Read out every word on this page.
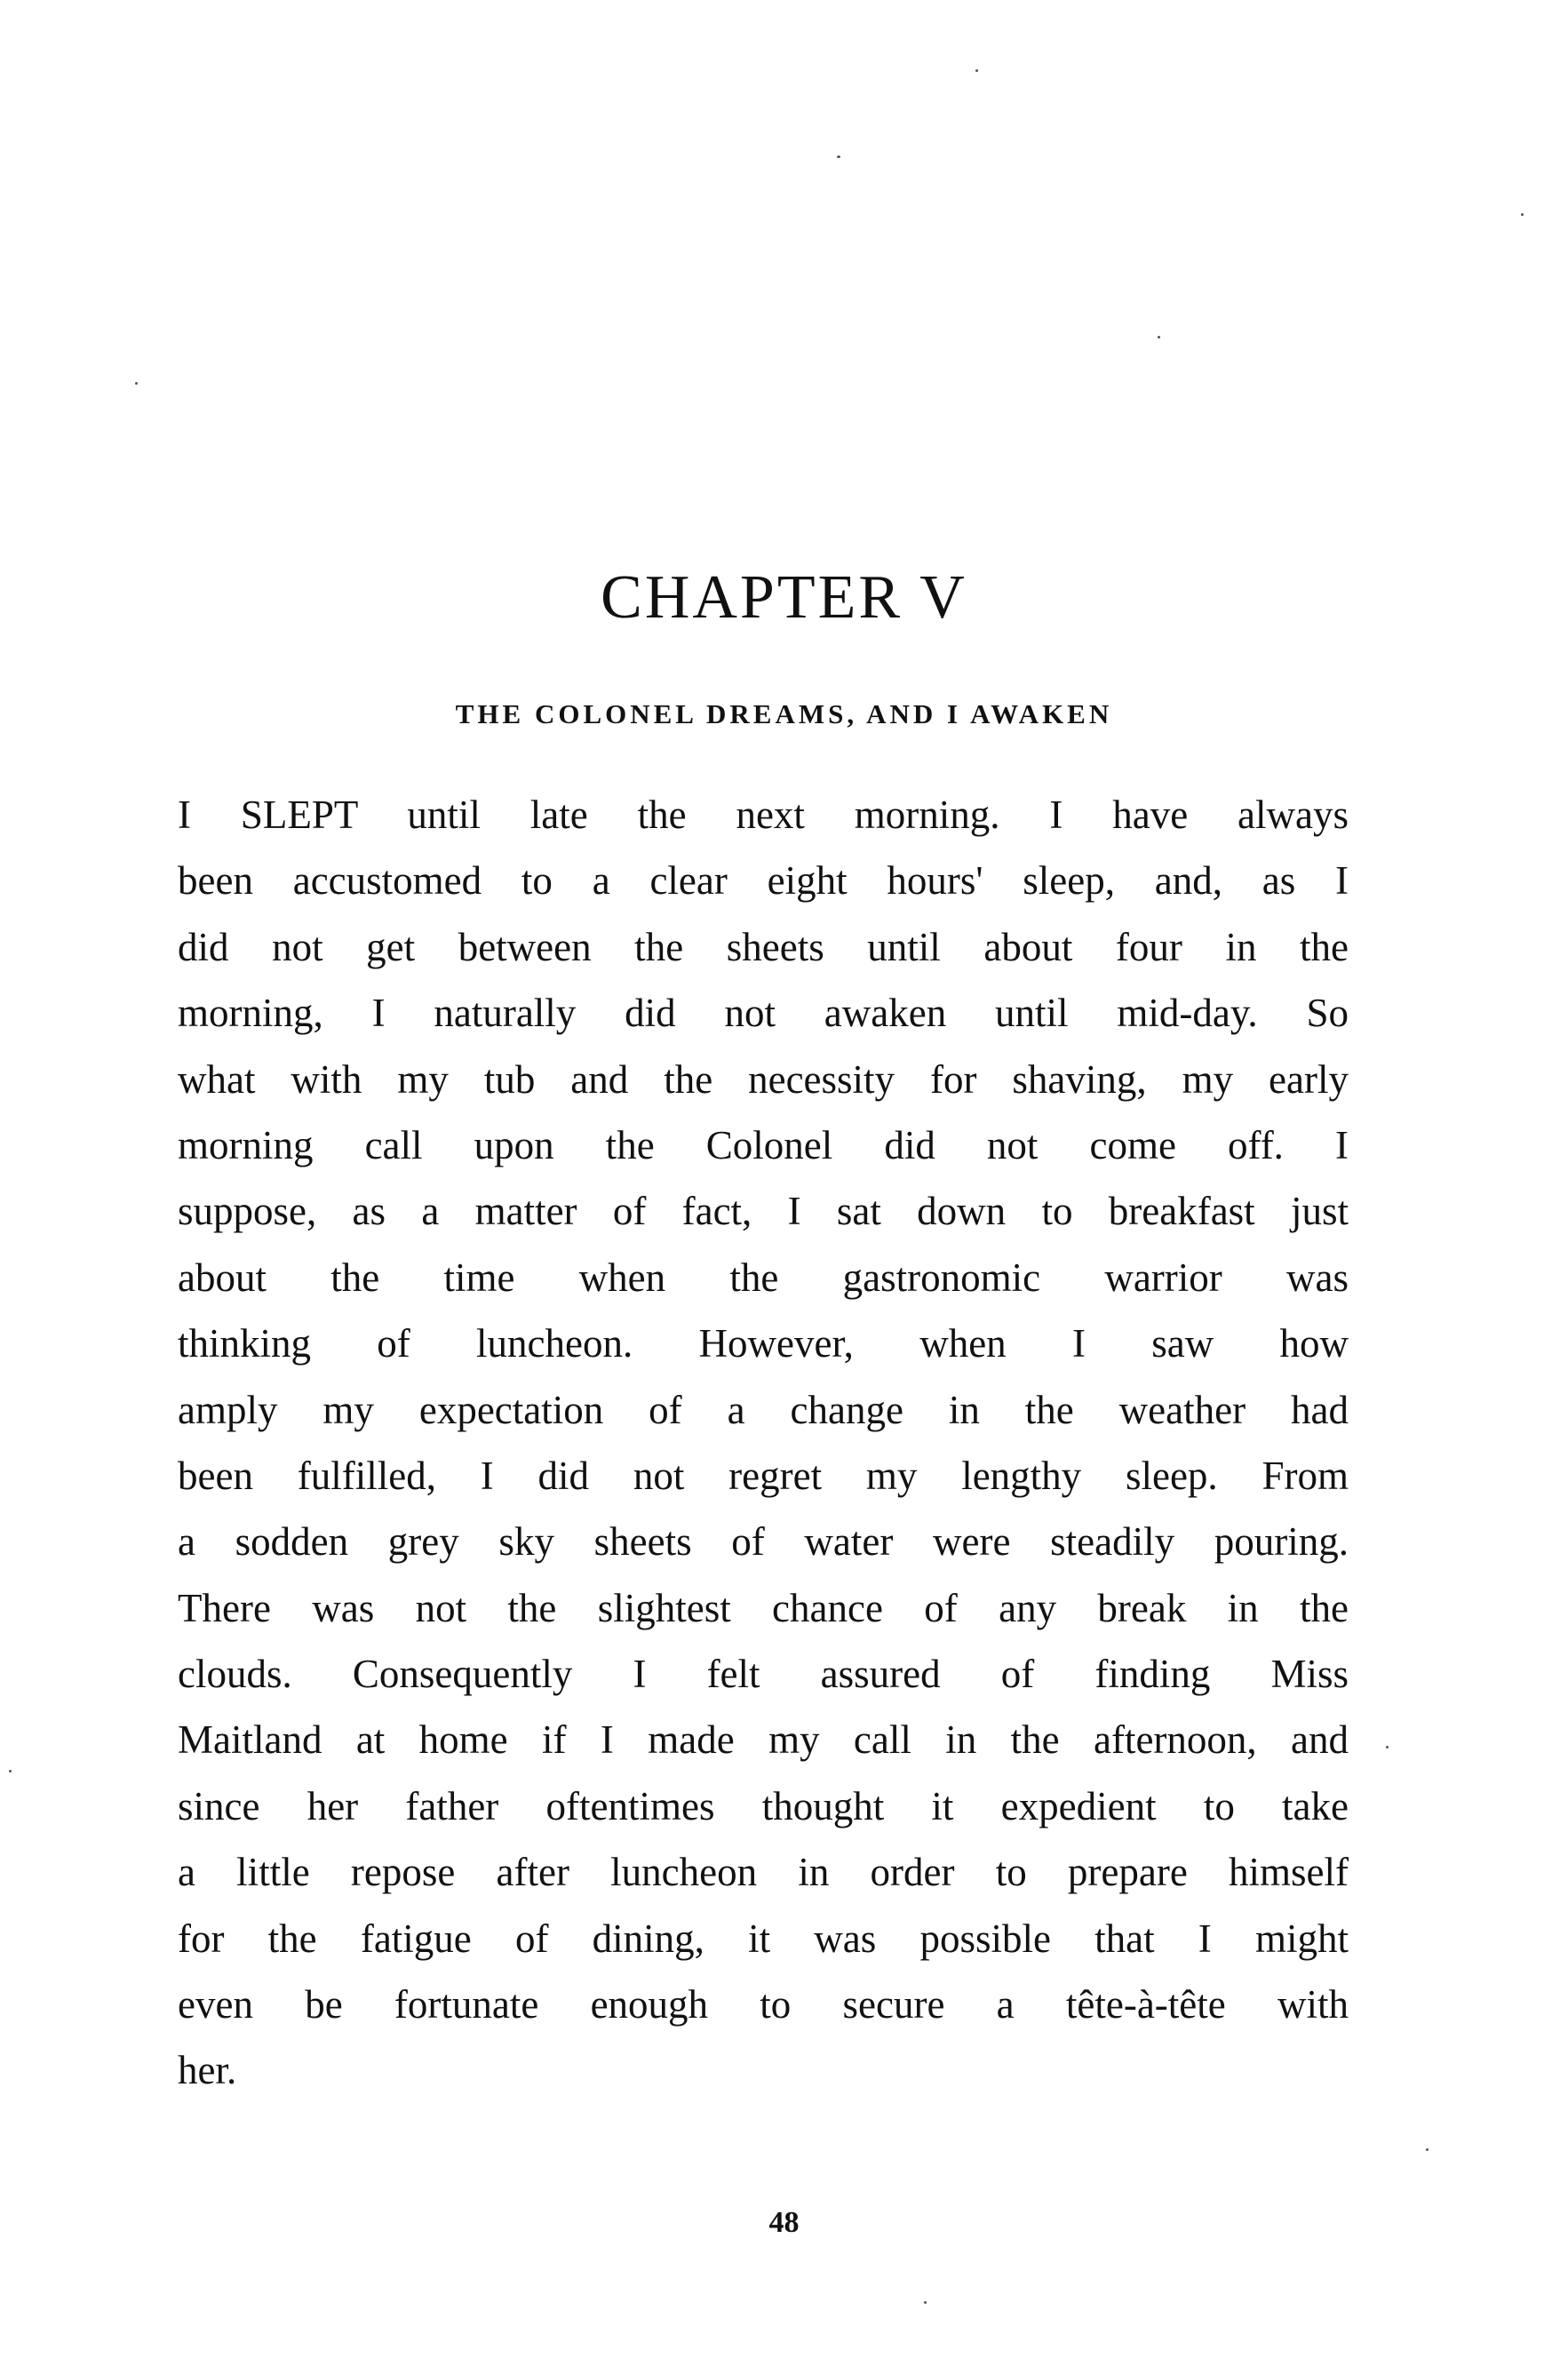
CHAPTER V
THE COLONEL DREAMS, AND I AWAKEN
I SLEPT until late the next morning. I have always
been accustomed to a clear eight hours' sleep, and, as I
did not get between the sheets until about four in the
morning, I naturally did not awaken until mid-day. So
what with my tub and the necessity for shaving, my early
morning call upon the Colonel did not come off. I
suppose, as a matter of fact, I sat down to breakfast just
about the time when the gastronomic warrior was
thinking of luncheon. However, when I saw how
amply my expectation of a change in the weather had
been fulfilled, I did not regret my lengthy sleep. From
a sodden grey sky sheets of water were steadily pouring.
There was not the slightest chance of any break in the
clouds. Consequently I felt assured of finding Miss
Maitland at home if I made my call in the afternoon, and
since her father oftentimes thought it expedient to take
a little repose after luncheon in order to prepare himself
for the fatigue of dining, it was possible that I might
even be fortunate enough to secure a tête-à-tête with
her.
48
